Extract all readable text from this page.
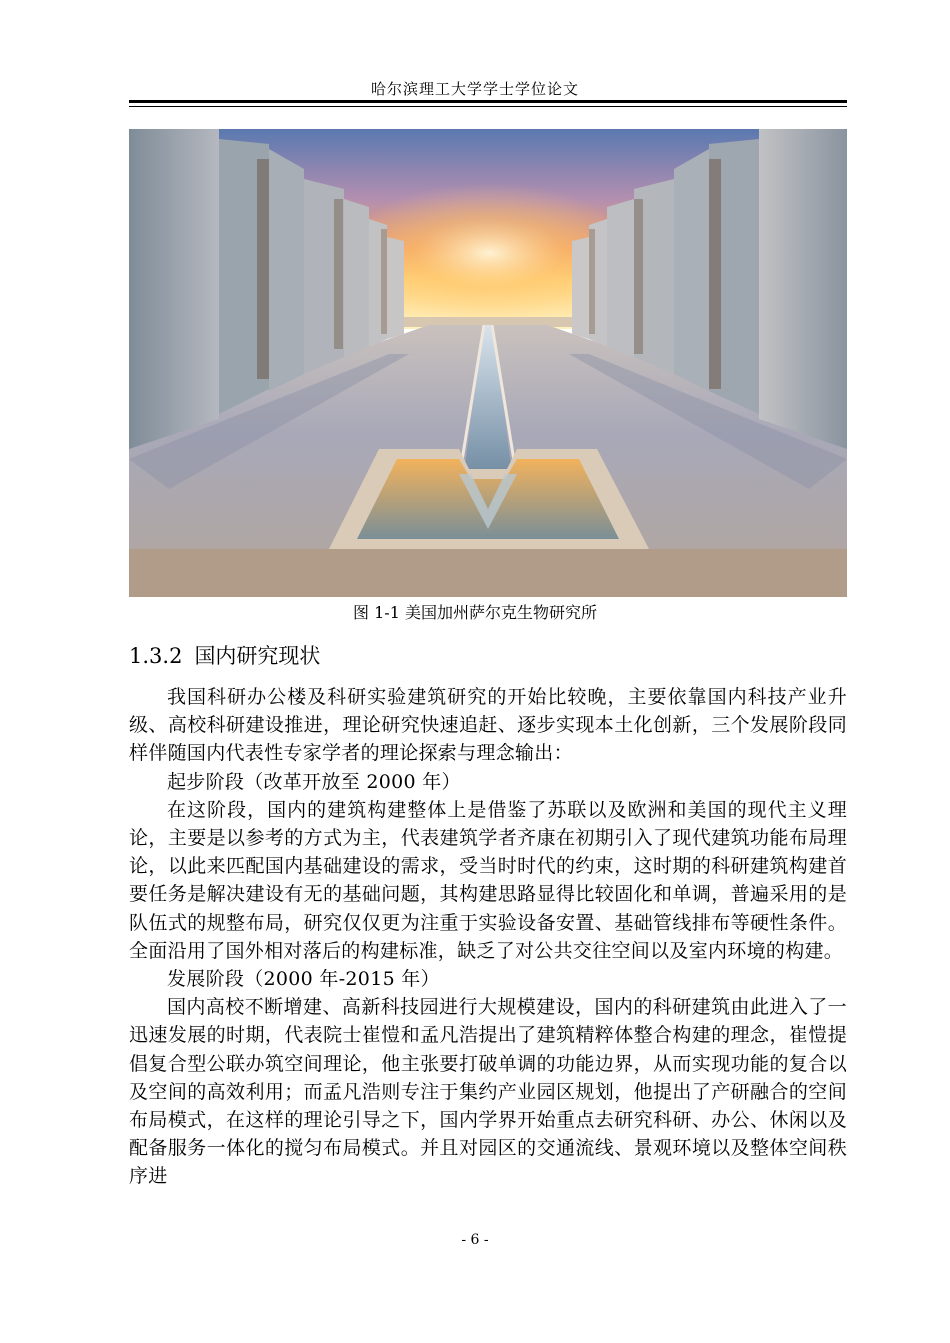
哈尔滨理工大学学士学位论文
图 1-1 美国加州萨尔克生物研究所
1.3.2 国内研究现状

我国科研办公楼及科研实验建筑研究的开始比较晚，主要依靠国内科技产业升级、高校科研建设推进，理论研究快速追赶、逐步实现本土化创新，三个发展阶段同样伴随国内代表性专家学者的理论探索与理念输出：

起步阶段（改革开放至 2000 年）

在这阶段，国内的建筑构建整体上是借鉴了苏联以及欧洲和美国的现代主义理论，主要是以参考的方式为主，代表建筑学者齐康在初期引入了现代建筑功能布局理论，以此来匹配国内基础建设的需求，受当时时代的约束，这时期的科研建筑构建首要任务是解决建设有无的基础问题，其构建思路显得比较固化和单调，普遍采用的是队伍式的规整布局，研究仅仅更为注重于实验设备安置、基础管线排布等硬性条件。全面沿用了国外相对落后的构建标准，缺乏了对公共交往空间以及室内环境的构建。

发展阶段（2000 年-2015 年）

国内高校不断增建、高新科技园进行大规模建设，国内的科研建筑由此进入了一迅速发展的时期，代表院士崔愷和孟凡浩提出了建筑精粹体整合构建的理念，崔愷提倡复合型公联办筑空间理论，他主张要打破单调的功能边界，从而实现功能的复合以及空间的高效利用；而孟凡浩则专注于集约产业园区规划，他提出了产研融合的空间布局模式，在这样的理论引导之下，国内学界开始重点去研究科研、办公、休闲以及配备服务一体化的搅匀布局模式。并且对园区的交通流线、景观环境以及整体空间秩序进

- 6 -
